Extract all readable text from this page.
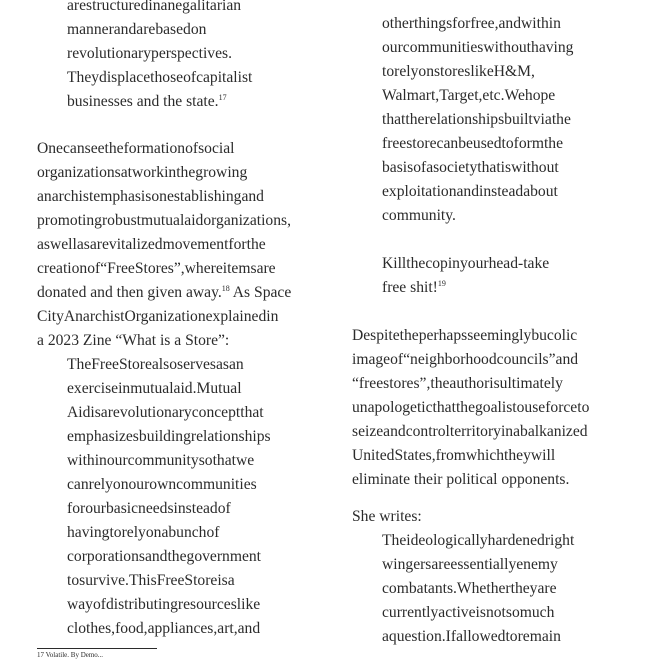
arestructuredinanegalitarian
mannerandarebasedon
revolutionaryperspectives.
Theydisplacethoseofcapitalist
businesses and the state.$^{17}$
Onecanseetheformationofsocial
organizationsatworkinthegrowing
anarchistemphasisonestablishingand
promotingrobustmutualaidorganizations,
aswellasarevitalizedmovementforthe
creationof“FreeStores”,whereitemsare
donated and then given away.$^{18}$ As Space
CityAnarchistOrganizationexplainedin
a 2023 Zine “What is a Store”:
TheFreeStorealsoservesasan
exerciseinmutualaid.Mutual
Aidisarevolutionaryconceptthat
emphasizesbuildingrelationships
withinourcommunitysothatwe
canrelyonourowncommunities
forourbasicneedsinsteadof
havingtorelyonabunchof
corporationsandthegovernment
tosurvive.ThisFreeStoreisa
wayofdistributingresourceslike
clothes,food,appliances,art,and
17 Volatile. By Demo...
otherthingsforfree,andwithin
ourcommunitieswithouthaving
torelyonstoreslikeH&M,
Walmart,Target,etc.Wehope
thattherelationshipsbuiltviathe
freestorecanbeusedtoformthe
basisofasocietythatiswithout
exploitationandinsteadabout
community.
Killthecopinyourhead-take
free shit!$^{19}$
Despitetheperhapsseeminglybucolic
imageof“neighborhoodcouncils”and
“freestores”,theauthorisultimately
unapologeticthatthegoalistouseforceto
seizeandcontrolterritoryinabalkanized
UnitedStates,fromwhichtheywill
eliminate their political opponents.
She writes:
Theideologicallyhardenedright
wingersareessentiallyenemy
combatants.Whethertheyare
currentlyactiveisnotsomuch
aquestion.Ifallowedtoremain
